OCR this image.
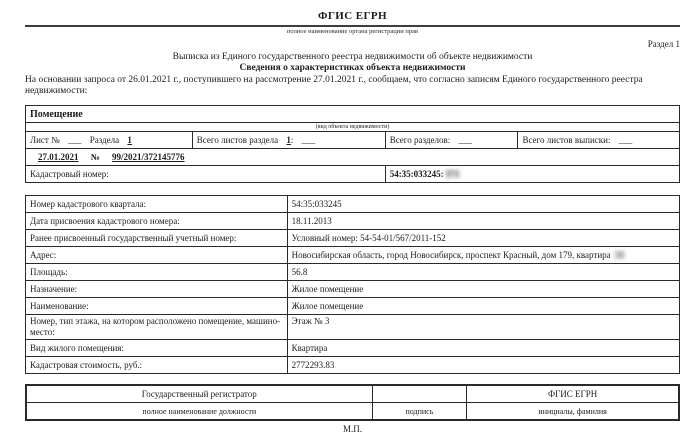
ФГИС ЕГРН
полное наименование органа регистрации прав
Раздел 1
Выписка из Единого государственного реестра недвижимости об объекте недвижимости
Сведения о характеристиках объекта недвижимости
На основании запроса от 26.01.2021 г., поступившего на рассмотрение 27.01.2021 г., сообщаем, что согласно записям Единого государственного реестра недвижимости:
Помещение			
(вид объекта недвижимости)			
Лист № ___ Раздела 1	Всего листов раздела 1: ___	Всего разделов: ___	Всего листов выписки: ___
27.01.2021 № 99/2021/372145776			
Кадастровый номер:		54:35:033245: 371	
Номер кадастрового квартала:	54:35:033245
Дата присвоения кадастрового номера:	18.11.2013
Ранее присвоенный государственный учетный номер:	Условный номер: 54-54-01/567/2011-152
Адрес:	Новосибирская область, город Новосибирск, проспект Красный, дом 179, квартира 38
Площадь:	56.8
Назначение:	Жилое помещение
Наименование:	Жилое помещение
Номер, тип этажа, на котором расположено помещение, машино-место:	Этаж № 3
Вид жилого помещения:	Квартира
Кадастровая стоимость, руб.:	2772293.83
Государственный регистратор		ФГИС ЕГРН
полное наименование должности	подпись	инициалы, фамилия
М.П.
